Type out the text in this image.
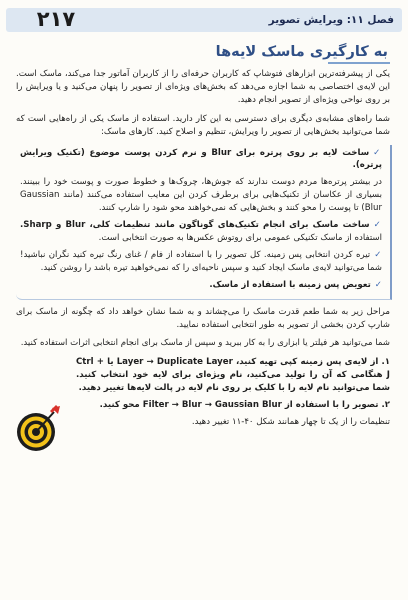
۲۱۷	فصل ۱۱: ویرایش تصویر
به کارگیری ماسک لایه‌ها

یکی از پیشرفته‌ترین ابزارهای فتوشاپ که کاربران حرفه‌ای را از کاربران آماتور جدا می‌کند، ماسک است. این لایه‌ی اختصاصی به شما اجازه می‌دهد که بخش‌های ویژه‌ای از تصویر را پنهان می‌کنید و یا ویرایش را بر روی نواحی ویژه‌ای از تصویر انجام دهید.

شما راه‌های مشابه‌ی دیگری برای دسترسی به این کار دارید. استفاده از ماسک یکی از راه‌هایی است که شما می‌توانید بخش‌هایی از تصویر را ویرایش، تنظیم و اصلاح کنید. کارهای ماسک:

✓ساخت لایه بر روی پرتره برای Blur و نرم کردن پوست موضوع (تکنیک ویرایش پرتره).

در بیشتر پرتره‌ها مردم دوست ندارند که جوش‌ها، چروک‌ها و خطوط صورت و پوست خود را ببینند. بسیاری از عکاسان از تکنیک‌هایی برای برطرف کردن این معایب استفاده می‌کنند (مانند Gaussian Blur) تا پوست را محو کنند و بخش‌هایی که نمی‌خواهند محو شود را شارپ کنند.

✓ساخت ماسک برای انجام تکنیک‌های گوناگون مانند تنظیمات کلی، Blur و Sharp. استفاده از ماسک تکنیکی عمومی برای روتوش عکس‌ها به صورت انتخابی است.

✓تیره کردن انتخابی پس زمینه. کل تصویر را با استفاده از فام / غنای رنگ تیره کنید نگران نباشید! شما می‌توانید لایه‌ی ماسک ایجاد کنید و سپس ناحیه‌ای را که نمی‌خواهید تیره باشد را روشن کنید.

✓تعویض پس زمینه با استفاده از ماسک.

مراحل زیر به شما طعم قدرت ماسک را می‌چشاند و به شما نشان خواهد داد که چگونه از ماسک برای شارپ کردن بخشی از تصویر به طور انتخابی استفاده نمایید.

شما می‌توانید هر فیلتر یا ابزاری را به کار ببرید و سپس از ماسک برای انجام انتخابی اثرات استفاده کنید.

۱. از لایه‌ی پس زمینه کپی تهیه کنید، Layer → Duplicate Layer یا Ctrl + J هنگامی که آن را تولید می‌کنید، نام ویژه‌ای برای لایه خود انتخاب کنید. شما می‌توانید نام لایه را با کلیک بر روی نام لایه در پالت لایه‌ها تغییر دهید.

۲. تصویر را با استفاده از Filter → Blur → Gaussian Blur محو کنید.

تنظیمات را از یک تا چهار همانند شکل ۴۰-۱۱ تغییر دهید.
